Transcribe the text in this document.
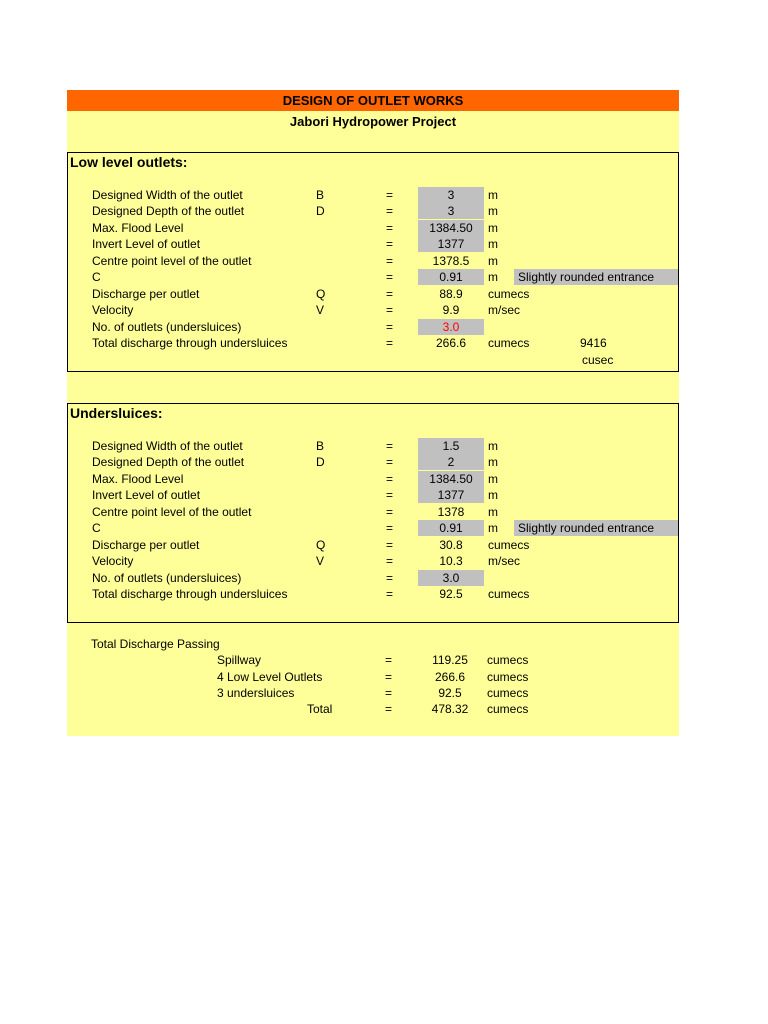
DESIGN OF OUTLET WORKS
Jabori Hydropower Project
Low level outlets:
Designed Width of the outlet	B	=	3	m
Designed Depth of the outlet	D	=	3	m
Max. Flood Level	=	1384.50	m
Invert Level of outlet	=	1377	m
Centre point level of the outlet	=	1378.5	m
C	=	0.91	m	Slightly rounded entrance
Discharge per outlet	Q	=	88.9	cumecs
Velocity	V	=	9.9	m/sec
No. of outlets (undersluices)	=	3.0
Total discharge through undersluices	=	266.6	cumecs	9416
cusec
Undersluices:
Designed Width of the outlet	B	=	1.5	m
Designed Depth of the outlet	D	=	2	m
Max. Flood Level	=	1384.50	m
Invert Level of outlet	=	1377	m
Centre point level of the outlet	=	1378	m
C	=	0.91	m	Slightly rounded entrance
Discharge per outlet	Q	=	30.8	cumecs
Velocity	V	=	10.3	m/sec
No. of outlets (undersluices)	=	3.0
Total discharge through undersluices	=	92.5	cumecs
Total Discharge Passing
Spillway	=	119.25	cumecs
4 Low Level Outlets	=	266.6	cumecs
3 undersluices	=	92.5	cumecs
Total	=	478.32	cumecs
